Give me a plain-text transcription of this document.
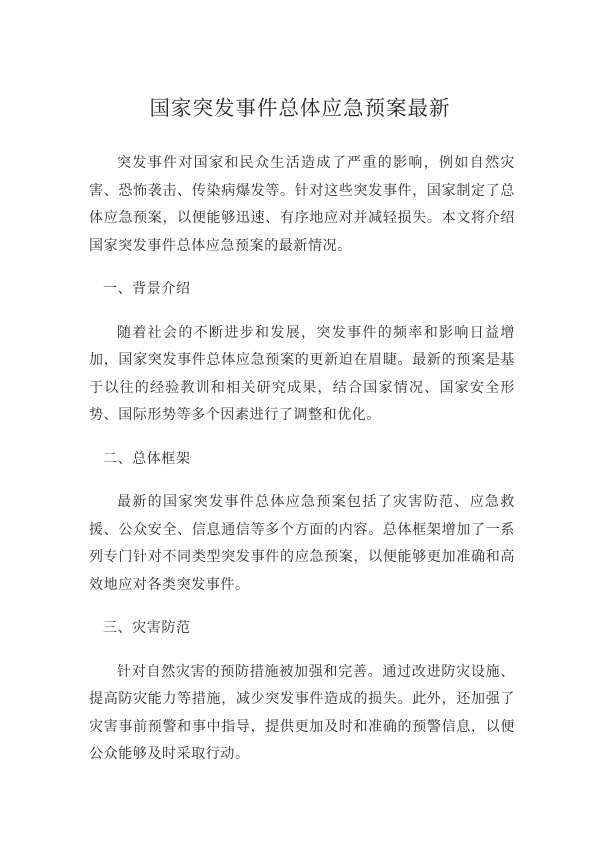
国家突发事件总体应急预案最新

突发事件对国家和民众生活造成了严重的影响，例如自然灾害、恐怖袭击、传染病爆发等。针对这些突发事件，国家制定了总体应急预案，以便能够迅速、有序地应对并减轻损失。本文将介绍国家突发事件总体应急预案的最新情况。

一、背景介绍

随着社会的不断进步和发展，突发事件的频率和影响日益增加，国家突发事件总体应急预案的更新迫在眉睫。最新的预案是基于以往的经验教训和相关研究成果，结合国家情况、国家安全形势、国际形势等多个因素进行了调整和优化。

二、总体框架

最新的国家突发事件总体应急预案包括了灾害防范、应急救援、公众安全、信息通信等多个方面的内容。总体框架增加了一系列专门针对不同类型突发事件的应急预案，以便能够更加准确和高效地应对各类突发事件。

三、灾害防范

针对自然灾害的预防措施被加强和完善。通过改进防灾设施、提高防灾能力等措施，减少突发事件造成的损失。此外，还加强了灾害事前预警和事中指导，提供更加及时和准确的预警信息，以便公众能够及时采取行动。
